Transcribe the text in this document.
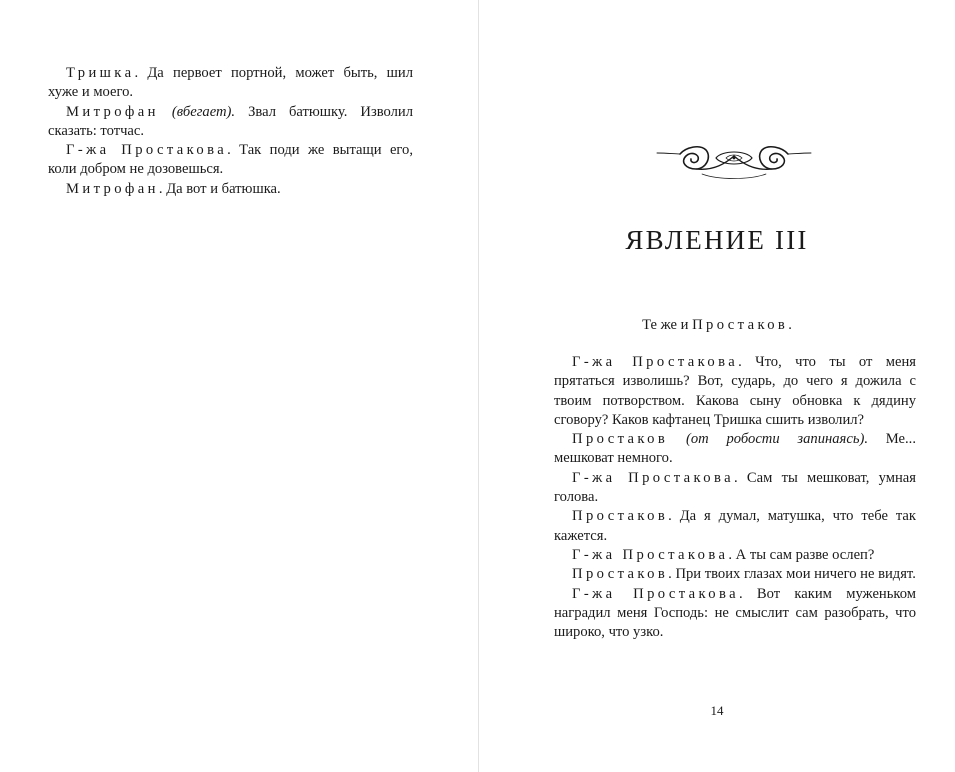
Тришка. Да первоет портной, может быть, шил хуже и моего.

Митрофан (вбегает). Звал батюшку. Изволил сказать: тотчас.

Г-жа Простакова. Так поди же вытащи его, коли добром не дозовешься.

Митрофан. Да вот и батюшка.

ЯВЛЕНИЕ III

Те же и Простаков.

Г-жа Простакова. Что, что ты от меня прятаться изволишь? Вот, сударь, до чего я дожила с твоим потворством. Какова сыну обновка к дядину сговору? Каков кафтанец Тришка сшить изволил?

Простаков (от робости запинаясь). Ме... мешковат немного.

Г-жа Простакова. Сам ты мешковат, умная голова.

Простаков. Да я думал, матушка, что тебе так кажется.

Г-жа Простакова. А ты сам разве ослеп?

Простаков. При твоих глазах мои ничего не видят.

Г-жа Простакова. Вот каким муженьком наградил меня Господь: не смыслит сам разобрать, что широко, что узко.

14
